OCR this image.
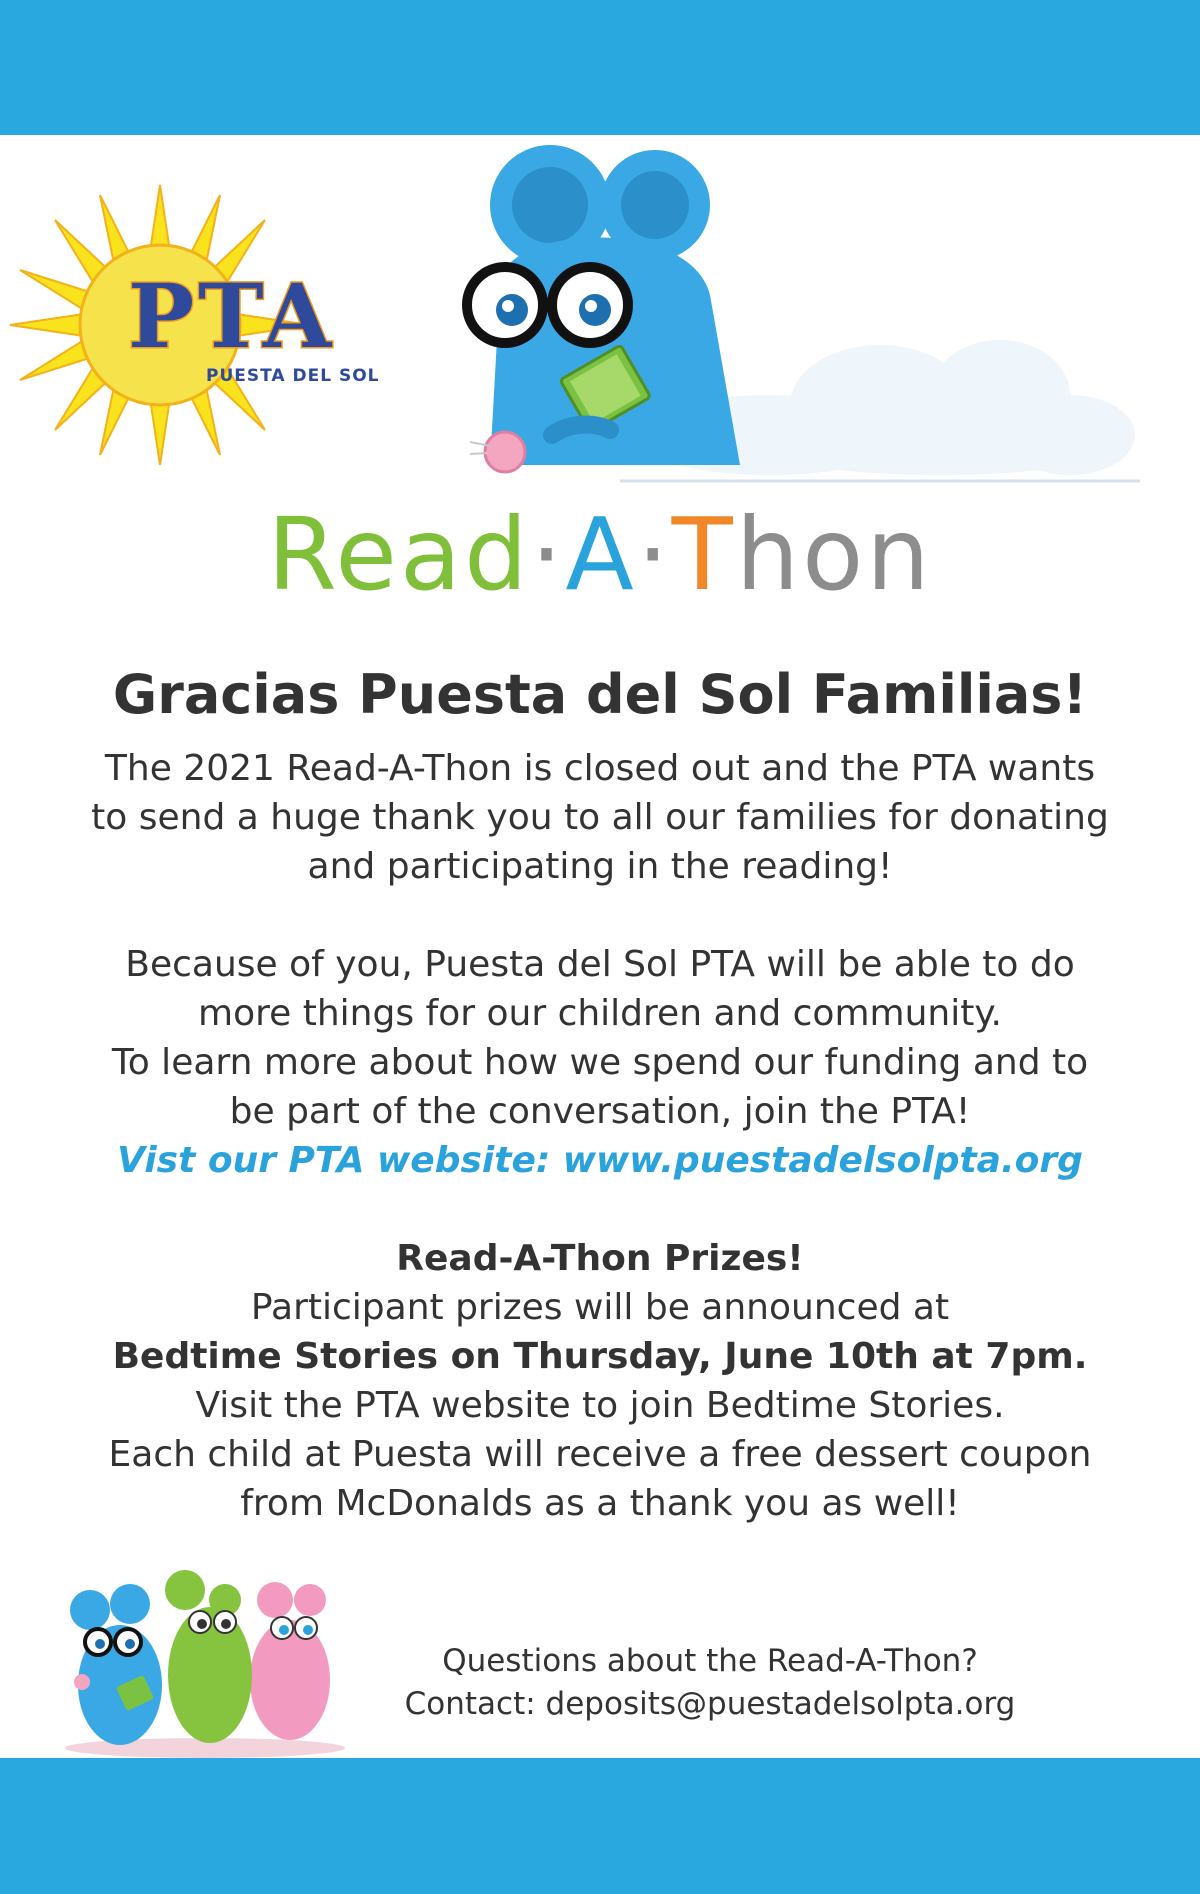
PTA
PUESTA DEL SOL
Read·A·Thon
Gracias Puesta del Sol Familias!

The 2021 Read-A-Thon is closed out and the PTA wants

to send a huge thank you to all our families for donating

and participating in the reading!

Because of you, Puesta del Sol PTA will be able to do

more things for our children and community.

To learn more about how we spend our funding and to

be part of the conversation, join the PTA!

Vist our PTA website: www.puestadelsolpta.org

Read-A-Thon Prizes!

Participant prizes will be announced at

Bedtime Stories on Thursday, June 10th at 7pm.

Visit the PTA website to join Bedtime Stories.

Each child at Puesta will receive a free dessert coupon

from McDonalds as a thank you as well!

Questions about the Read-A-Thon?
Contact: deposits@puestadelsolpta.org
